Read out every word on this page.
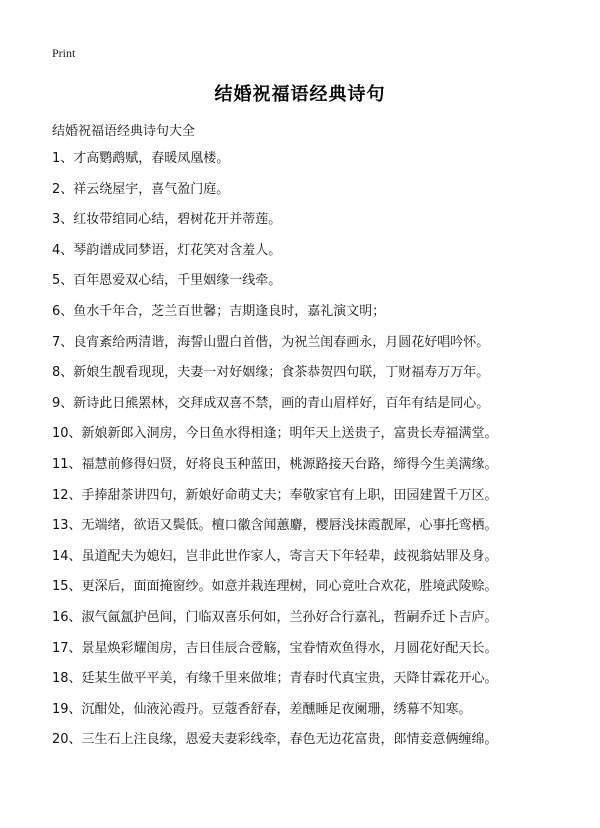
Print
结婚祝福语经典诗句
结婚祝福语经典诗句大全
1、才高鹦鹉赋，春暖凤凰楼。
2、祥云绕屋宇，喜气盈门庭。
3、红妆带绾同心结，碧树花开并蒂莲。
4、琴韵谱成同梦语，灯花笑对含羞人。
5、百年恩爱双心结，千里姻缘一线牵。
6、鱼水千年合，芝兰百世馨；吉期逢良时，嘉礼演文明；
7、良宵紊给两清谐，海誓山盟白首偕，为祝兰闺春画永，月圆花好唱吟怀。
8、新娘生靓看现现，夫妻一对好姻缘；食茶恭贺四句联，丁财福寿万万年。
9、新诗此日熊罴林，交拜成双喜不禁，画的青山眉样好，百年有结是同心。
10、新娘新郎入洞房，今日鱼水得相逢；明年天上送贵子，富贵长寿福满堂。
11、福慧前修得妇贤，好将良玉种蓝田，桃源路接天台路，缔得今生美满缘。
12、手捧甜茶讲四句，新娘好命萌丈夫；奉敬家官有上职，田园建置千万区。
13、无端绪，欲语又鬓低。檀口徽含闻蕙麝，樱唇浅抹霞靓犀，心事托鸾栖。
14、虽道配夫为媳妇，岂非此世作家人，寄言天下年轻辈，歧视翁姑罪及身。
15、更深后，面面掩窗纱。如意并栽连理树，同心竟吐合欢花，胜境武陵赊。
16、淑气氤氲护邑间，门临双喜乐何如，兰孙好合行嘉礼，哲嗣乔迁卜吉庐。
17、景星焕彩耀闺房，吉日佳辰合卺觞，宝眷情欢鱼得水，月圆花好配天长。
18、廷某生做平平美，有缘千里来做堆；青春时代真宝贵，天降甘霖花开心。
19、沉酣处，仙液沁霞丹。豆蔻香舒春，差醺睡足夜阑珊，绣幕不知寒。
20、三生石上注良缘，恩爱夫妻彩线牵，春色无边花富贵，郎情妾意俩缠绵。
